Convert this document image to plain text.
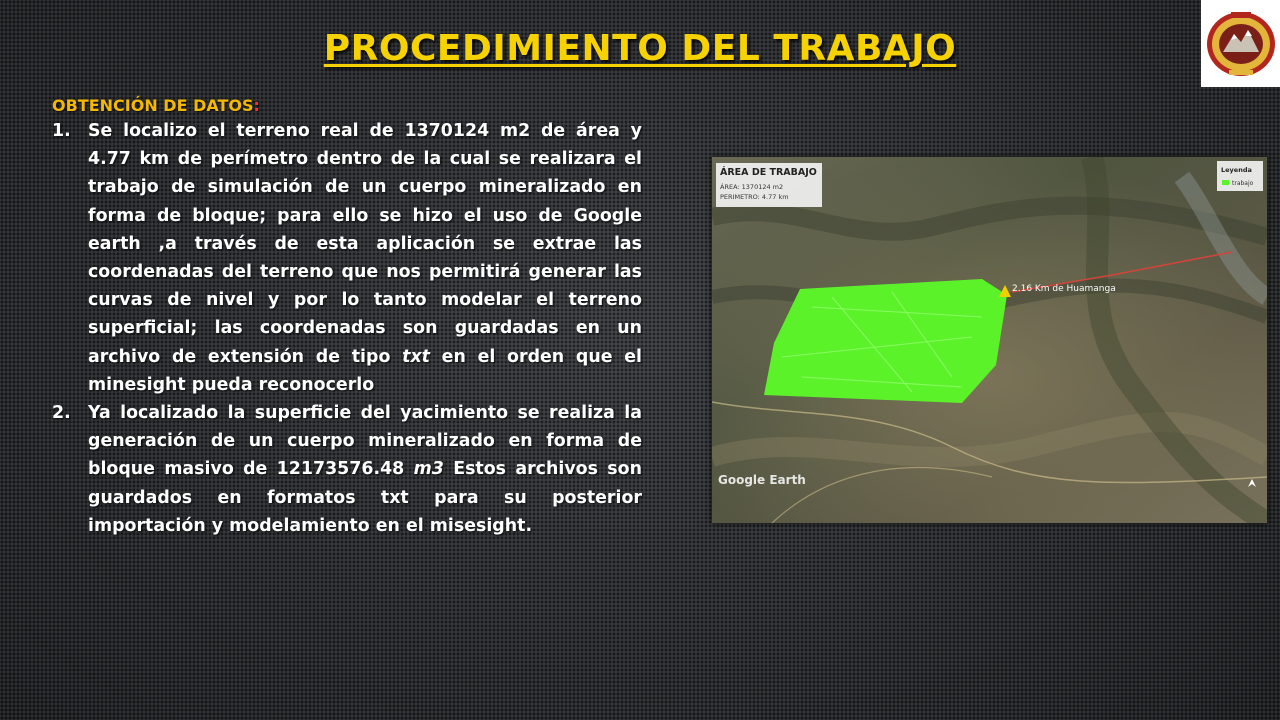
PROCEDIMIENTO DEL TRABAJO
OBTENCIÓN DE DATOS:
1. Se localizo el terreno real de 1370124 m2 de área y 4.77 km de perímetro dentro de la cual se realizara el trabajo de simulación de un cuerpo mineralizado en forma de bloque; para ello se hizo el uso de Google earth ,a través de esta aplicación se extrae las coordenadas del terreno que nos permitirá generar las curvas de nivel y por lo tanto modelar el terreno superficial; las coordenadas son guardadas en un archivo de extensión de tipo txt en el orden que el minesight pueda reconocerlo
2. Ya localizado la superficie del yacimiento se realiza la generación de un cuerpo mineralizado en forma de bloque masivo de 12173576.48 m3 Estos archivos son guardados en formatos txt para su posterior importación y modelamiento en el misesight.
2.16 Km de Huamanga
ÁREA DE TRABAJO
ÁREA: 1370124 m2
PERIMETRO: 4.77 km
Leyenda
trabajo
Google Earth
